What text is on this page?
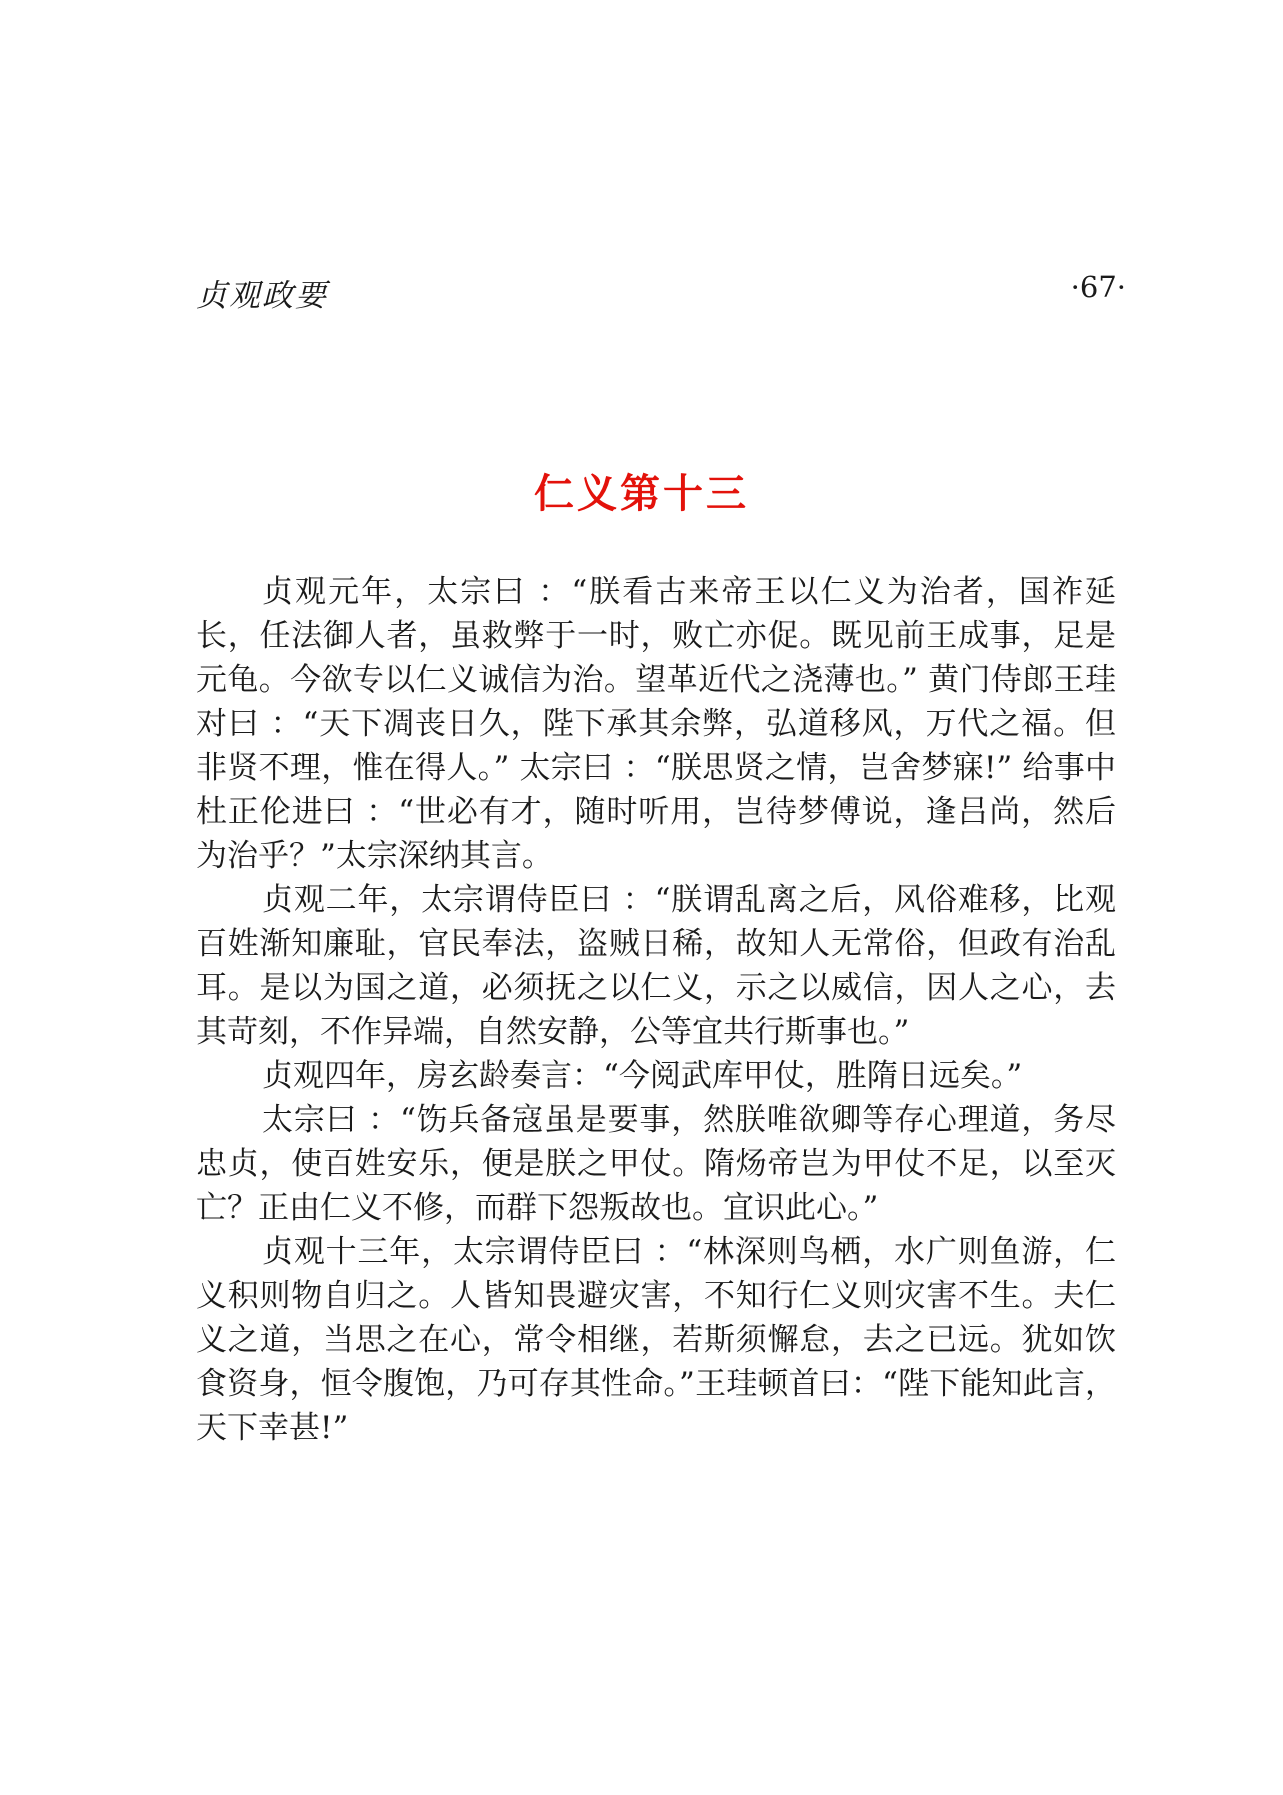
贞观政要	·67·
仁义第十三

贞观元年，太宗曰 ：“朕看古来帝王以仁义为治者，国祚延长，任法御人者，虽救弊于一时，败亡亦促。既见前王成事，足是元龟。今欲专以仁义诚信为治。望革近代之浇薄也。” 黄门侍郎王珪对曰 ：“天下凋丧日久，陛下承其余弊，弘道移风，万代之福。但非贤不理，惟在得人。” 太宗曰 ：“朕思贤之情，岂舍梦寐!” 给事中杜正伦进曰 ：“世必有才，随时听用，岂待梦傅说，逢吕尚，然后为治乎？”太宗深纳其言。

贞观二年，太宗谓侍臣曰 ：“朕谓乱离之后，风俗难移，比观百姓渐知廉耻，官民奉法，盗贼日稀，故知人无常俗，但政有治乱耳。是以为国之道，必须抚之以仁义，示之以威信，因人之心，去其苛刻，不作异端，自然安静，公等宜共行斯事也。”

贞观四年，房玄龄奏言：“今阅武库甲仗，胜隋日远矣。”

太宗曰 ：“饬兵备寇虽是要事，然朕唯欲卿等存心理道，务尽忠贞，使百姓安乐，便是朕之甲仗。隋炀帝岂为甲仗不足，以至灭亡？正由仁义不修，而群下怨叛故也。宜识此心。”

贞观十三年，太宗谓侍臣曰 ：“林深则鸟栖，水广则鱼游，仁义积则物自归之。人皆知畏避灾害，不知行仁义则灾害不生。夫仁义之道，当思之在心，常令相继，若斯须懈怠，去之已远。犹如饮食资身，恒令腹饱，乃可存其性命。”王珪顿首曰：“陛下能知此言，天下幸甚!”
